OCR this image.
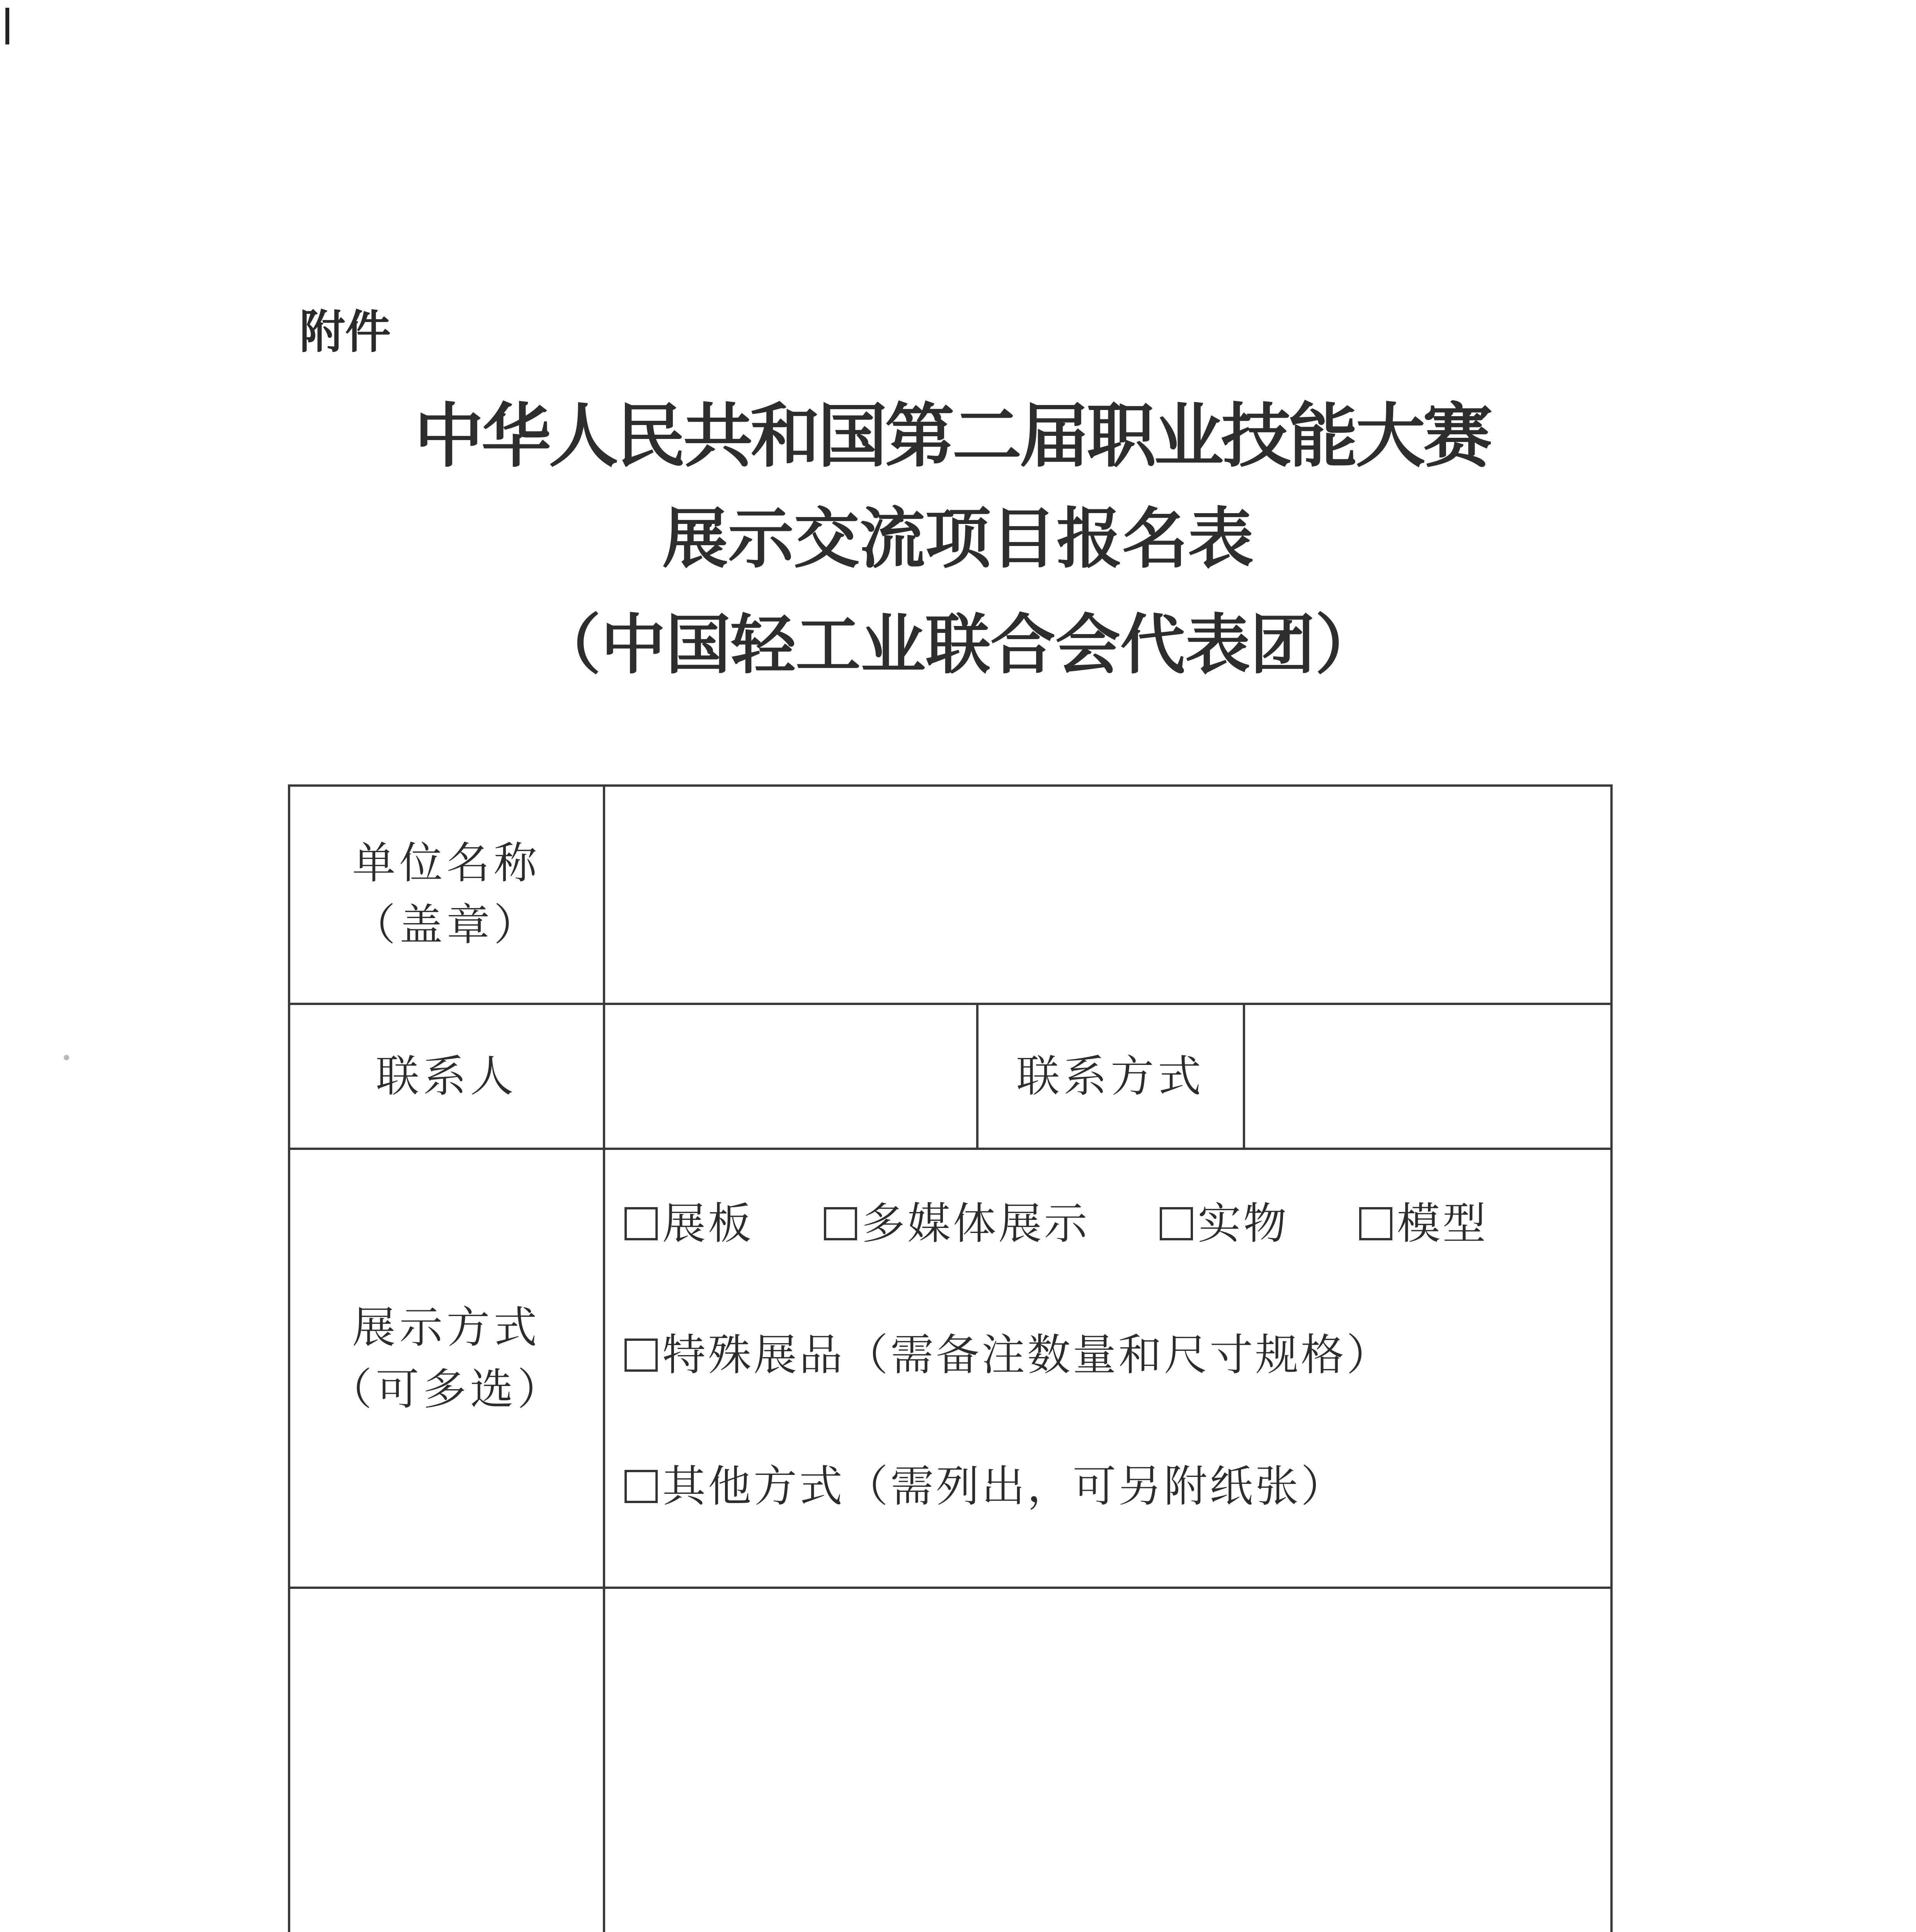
附件
中华人民共和国第二届职业技能大赛
展示交流项目报名表
（中国轻工业联合会代表团）
单位名称
（盖章）
联系人	联系方式
展示方式
（可多选）
展板
多媒体展示
实物
模型
特殊展品（需备注数量和尺寸规格）
其他方式（需列出，可另附纸张）
